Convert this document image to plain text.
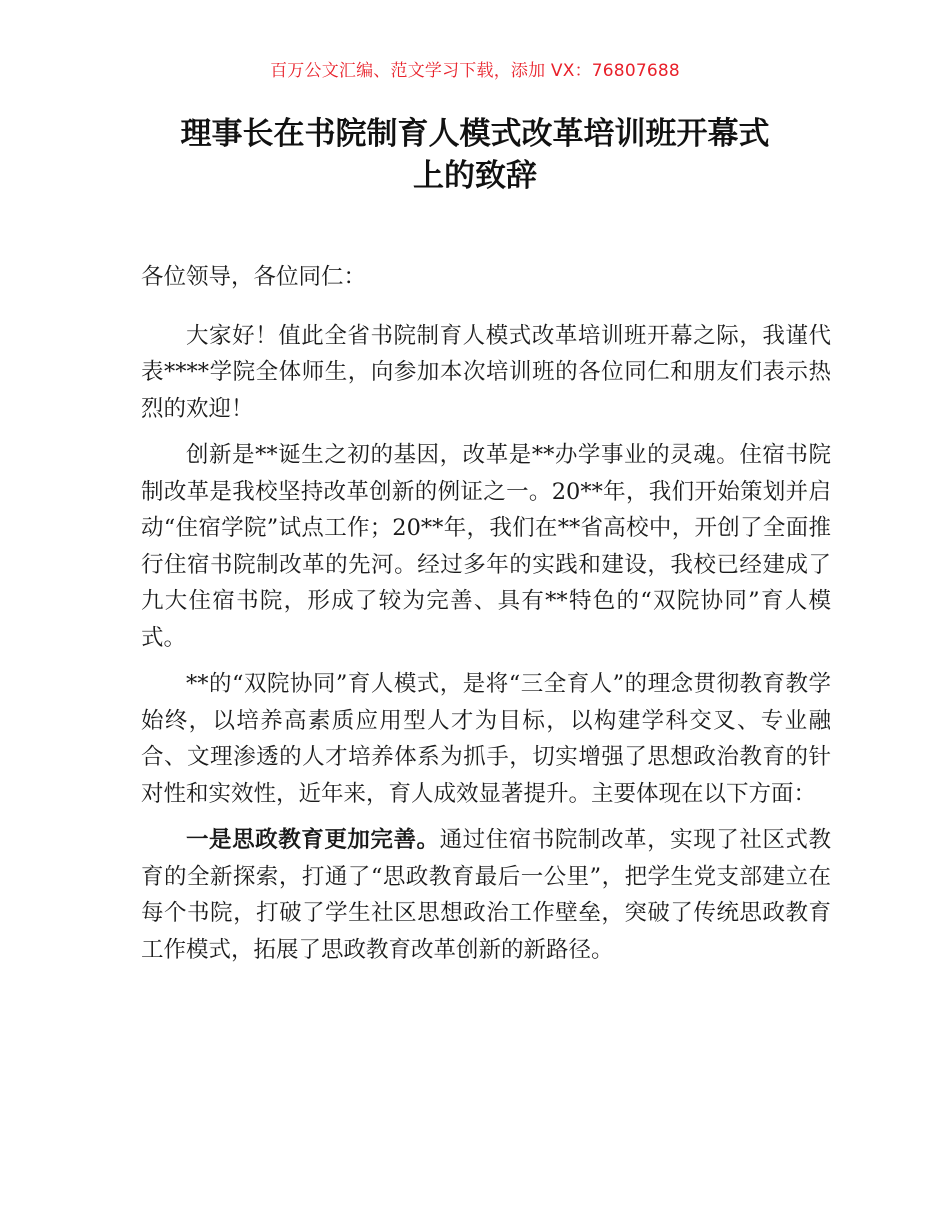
百万公文汇编、范文学习下载，添加 VX：76807688
理事长在书院制育人模式改革培训班开幕式
上的致辞

各位领导，各位同仁：

大家好！值此全省书院制育人模式改革培训班开幕之际，我谨代表****学院全体师生，向参加本次培训班的各位同仁和朋友们表示热烈的欢迎！

创新是**诞生之初的基因，改革是**办学事业的灵魂。住宿书院制改革是我校坚持改革创新的例证之一。20**年，我们开始策划并启动“住宿学院”试点工作；20**年，我们在**省高校中，开创了全面推行住宿书院制改革的先河。经过多年的实践和建设，我校已经建成了九大住宿书院，形成了较为完善、具有**特色的“双院协同”育人模式。

**的“双院协同”育人模式，是将“三全育人”的理念贯彻教育教学始终，以培养高素质应用型人才为目标，以构建学科交叉、专业融合、文理渗透的人才培养体系为抓手，切实增强了思想政治教育的针对性和实效性，近年来，育人成效显著提升。主要体现在以下方面：

一是思政教育更加完善。通过住宿书院制改革，实现了社区式教育的全新探索，打通了“思政教育最后一公里”，把学生党支部建立在每个书院，打破了学生社区思想政治工作壁垒，突破了传统思政教育工作模式，拓展了思政教育改革创新的新路径。
